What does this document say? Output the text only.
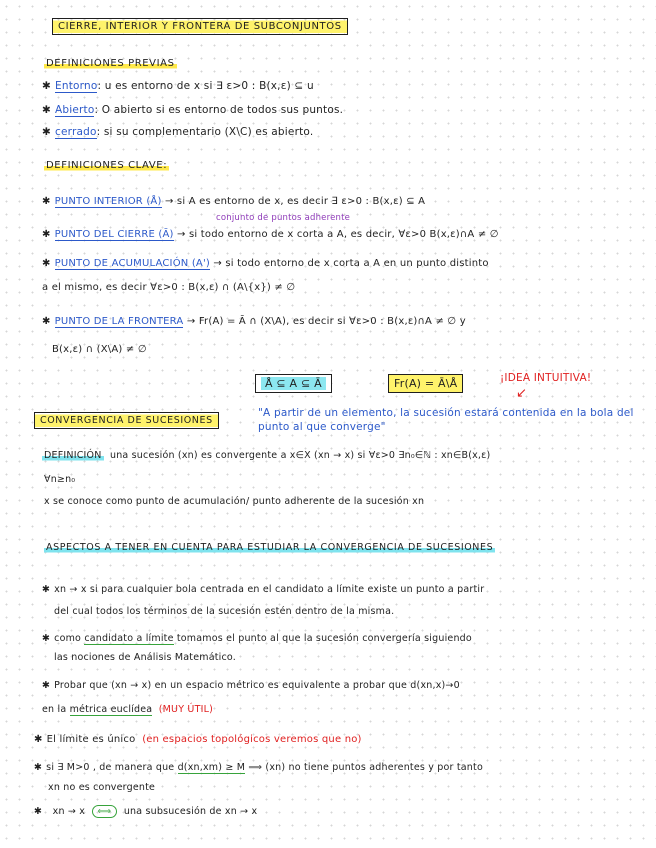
CIERRE, INTERIOR Y FRONTERA DE SUBCONJUNTOS
DEFINICIONES PREVIAS
✱ Entorno: u es entorno de x si ∃ ε>0 : B(x,ε) ⊆ u
✱ Abierto: O abierto si es entorno de todos sus puntos.
✱ cerrado: si su complementario (X\C) es abierto.
DEFINICIONES CLAVE:
✱ PUNTO INTERIOR (Å) → si A es entorno de x, es decir ∃ ε>0 : B(x,ε) ⊆ A
conjunto de puntos adherente
✱ PUNTO DEL CIERRE (Ā) → si todo entorno de x corta a A, es decir, ∀ε>0 B(x,ε)∩A ≠ ∅
✱ PUNTO DE ACUMULACIÓN (A') → si todo entorno de x corta a A en un punto distinto
a el mismo, es decir ∀ε>0 : B(x,ε) ∩ (A\{x}) ≠ ∅
✱ PUNTO DE LA FRONTERA → Fr(A) = Ā ∩ (X\A), es decir si ∀ε>0 : B(x,ε)∩A ≠ ∅ y
B(x,ε) ∩ (X\A) ≠ ∅
Å ⊆ A ⊆ Ā	Fr(A) = Ā\Å	¡IDEA INTUITIVA!
↙
CONVERGENCIA DE SUCESIONES
"A partir de un elemento, la sucesión estará contenida en la bola del punto al que converge"
DEFINICIÓN una sucesión (xn) es convergente a x∈X (xn → x) si ∀ε>0 ∃n₀∈ℕ : xn∈B(x,ε)
∀n≥n₀
x se conoce como punto de acumulación/ punto adherente de la sucesión xn
ASPECTOS A TENER EN CUENTA PARA ESTUDIAR LA CONVERGENCIA DE SUCESIONES
✱ xn → x si para cualquier bola centrada en el candidato a límite existe un punto a partir
del cual todos los términos de la sucesión estén dentro de la misma.
✱ como candidato a límite tomamos el punto al que la sucesión convergería siguiendo
las nociones de Análisis Matemático.
✱ Probar que (xn → x) en un espacio métrico es equivalente a probar que d(xn,x)→0
en la métrica euclídea (MUY ÚTIL)
✱ El límite es único (en espacios topológicos veremos que no)
✱ si ∃ M>0 , de manera que d(xn,xm) ≥ M ⟹ (xn) no tiene puntos adherentes y por tanto
xn no es convergente
✱ xn → x ⟺ una subsucesión de xn → x
